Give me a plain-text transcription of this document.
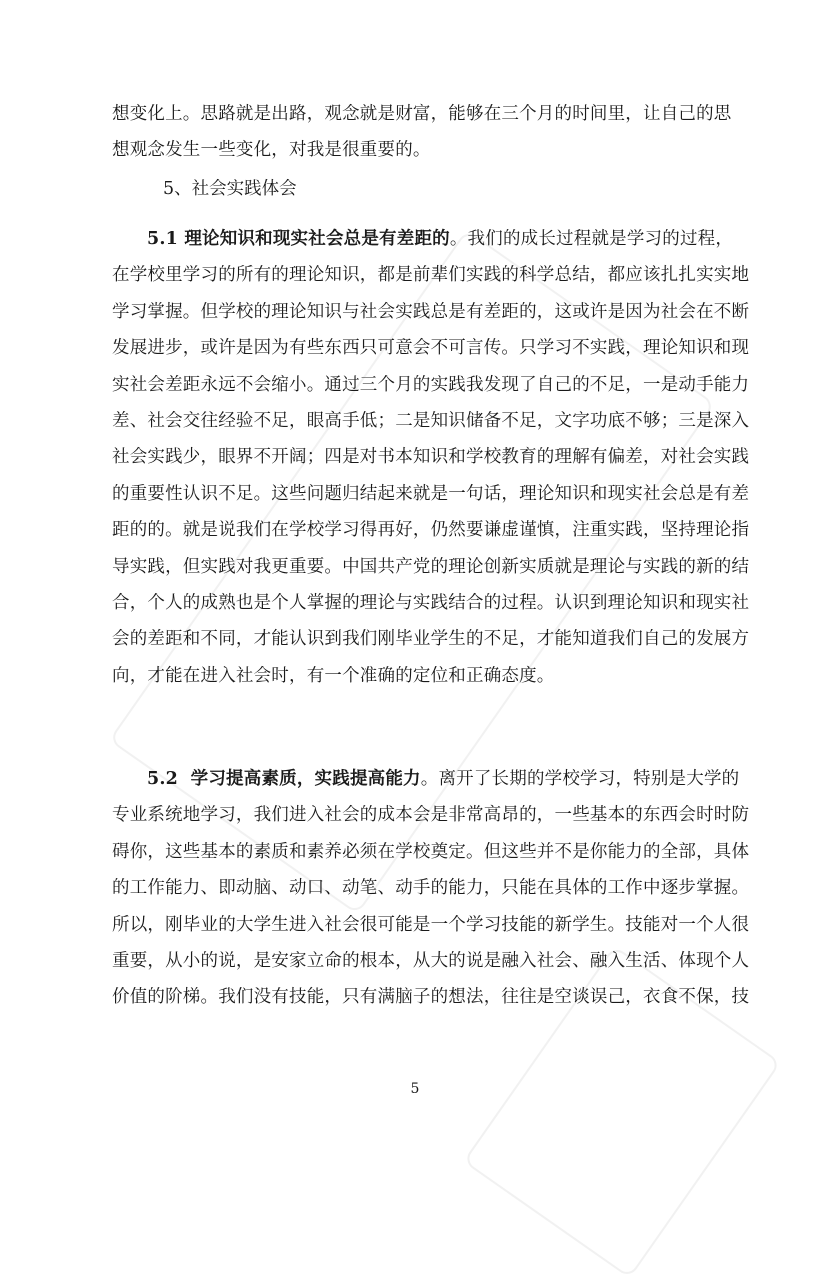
想变化上。思路就是出路，观念就是财富，能够在三个月的时间里，让自己的思
想观念发生一些变化，对我是很重要的。
5、社会实践体会
5.1 理论知识和现实社会总是有差距的。我们的成长过程就是学习的过程，
在学校里学习的所有的理论知识，都是前辈们实践的科学总结，都应该扎扎实实地
学习掌握。但学校的理论知识与社会实践总是有差距的，这或许是因为社会在不断
发展进步，或许是因为有些东西只可意会不可言传。只学习不实践，理论知识和现
实社会差距永远不会缩小。通过三个月的实践我发现了自己的不足，一是动手能力
差、社会交往经验不足，眼高手低；二是知识储备不足，文字功底不够；三是深入
社会实践少，眼界不开阔；四是对书本知识和学校教育的理解有偏差，对社会实践
的重要性认识不足。这些问题归结起来就是一句话，理论知识和现实社会总是有差
距的的。就是说我们在学校学习得再好，仍然要谦虚谨慎，注重实践，坚持理论指
导实践，但实践对我更重要。中国共产党的理论创新实质就是理论与实践的新的结
合，个人的成熟也是个人掌握的理论与实践结合的过程。认识到理论知识和现实社
会的差距和不同，才能认识到我们刚毕业学生的不足，才能知道我们自己的发展方
向，才能在进入社会时，有一个准确的定位和正确态度。
5.2  学习提高素质，实践提高能力。离开了长期的学校学习，特别是大学的
专业系统地学习，我们进入社会的成本会是非常高昂的，一些基本的东西会时时防
碍你，这些基本的素质和素养必须在学校奠定。但这些并不是你能力的全部，具体
的工作能力、即动脑、动口、动笔、动手的能力，只能在具体的工作中逐步掌握。
所以，刚毕业的大学生进入社会很可能是一个学习技能的新学生。技能对一个人很
重要，从小的说，是安家立命的根本，从大的说是融入社会、融入生活、体现个人
价值的阶梯。我们没有技能，只有满脑子的想法，往往是空谈误己，衣食不保，技
5
